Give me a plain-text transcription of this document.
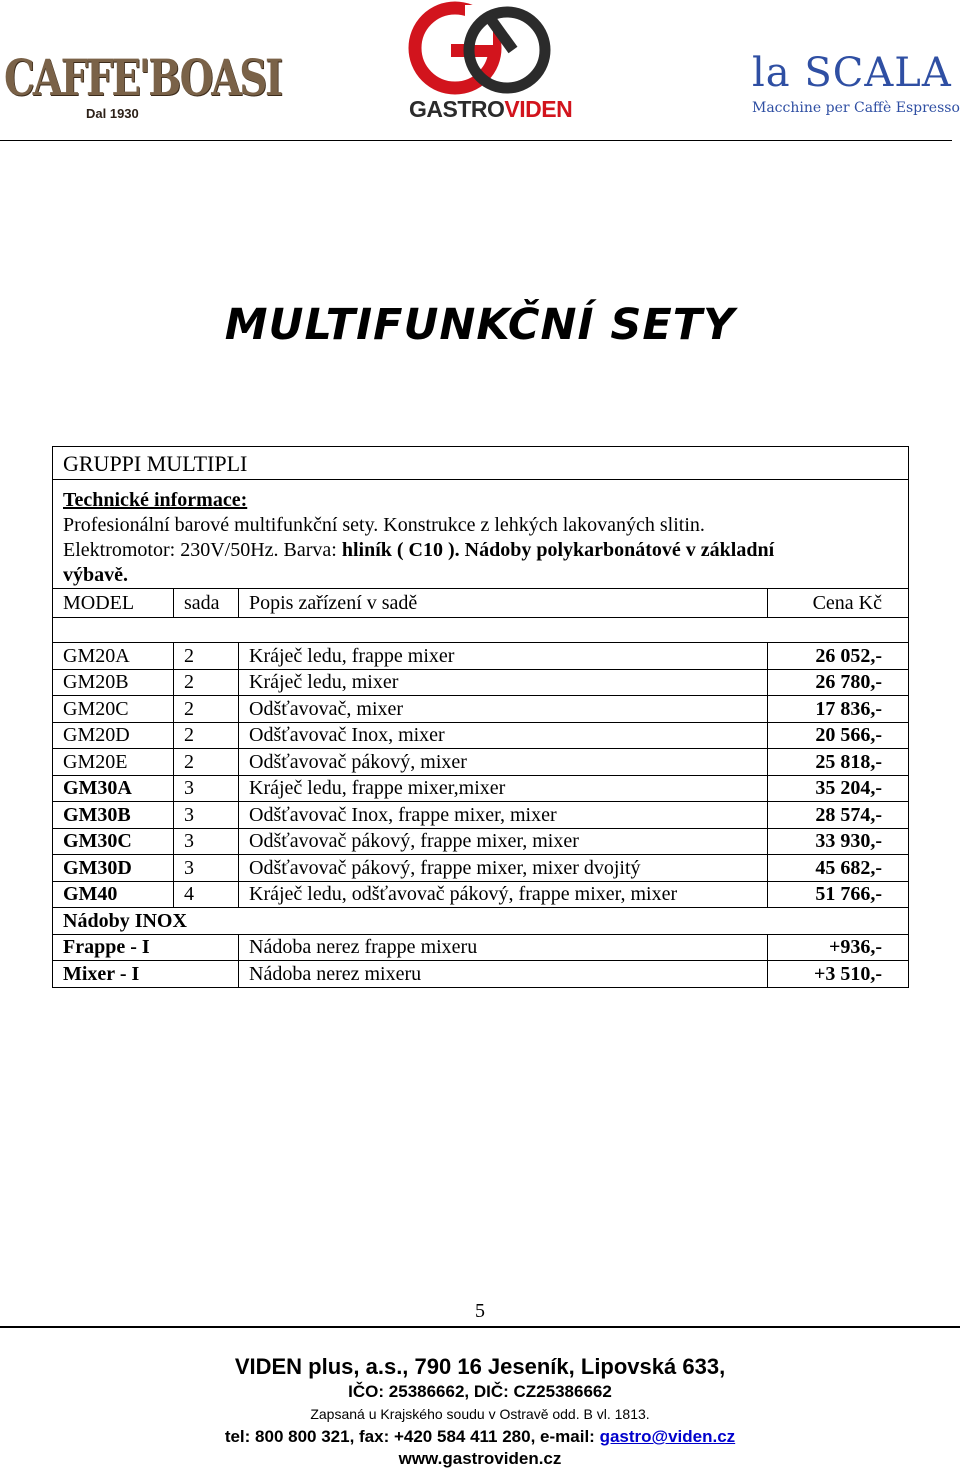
CAFFE'BOASI
Dal 1930	GASTROVIDEN
la SCALA
Macchine per Caffè Espresso
MULTIFUNKČNÍ SETY
GRUPPI MULTIPLI			
Technické informace:
Profesionální barové multifunkční sety. Konstrukce z lehkých lakovaných slitin.
Elektromotor: 230V/50Hz. Barva: hliník ( C10 ). Nádoby polykarbonátové v základní
výbavě.			
MODEL	sada	Popis zařízení v sadě	Cena Kč

GM20A	2	Kráječ ledu, frappe mixer	26 052,-
GM20B	2	Kráječ ledu, mixer	26 780,-
GM20C	2	Odšťavovač, mixer	17 836,-
GM20D	2	Odšťavovač Inox, mixer	20 566,-
GM20E	2	Odšťavovač pákový, mixer	25 818,-
GM30A	3	Kráječ ledu, frappe mixer,mixer	35 204,-
GM30B	3	Odšťavovač Inox, frappe mixer, mixer	28 574,-
GM30C	3	Odšťavovač pákový, frappe mixer, mixer	33 930,-
GM30D	3	Odšťavovač pákový, frappe mixer, mixer dvojitý	45 682,-
GM40	4	Kráječ ledu, odšťavovač pákový, frappe mixer, mixer	51 766,-
Nádoby INOX			
Frappe - I		Nádoba nerez frappe mixeru	+936,-
Mixer - I		Nádoba nerez mixeru	+3 510,-
5
VIDEN plus, a.s., 790 16 Jeseník, Lipovská 633,
IČO: 25386662, DIČ: CZ25386662
Zapsaná u Krajského soudu v Ostravě odd. B vl. 1813.
tel: 800 800 321, fax: +420 584 411 280, e-mail: gastro@viden.cz
www.gastroviden.cz
